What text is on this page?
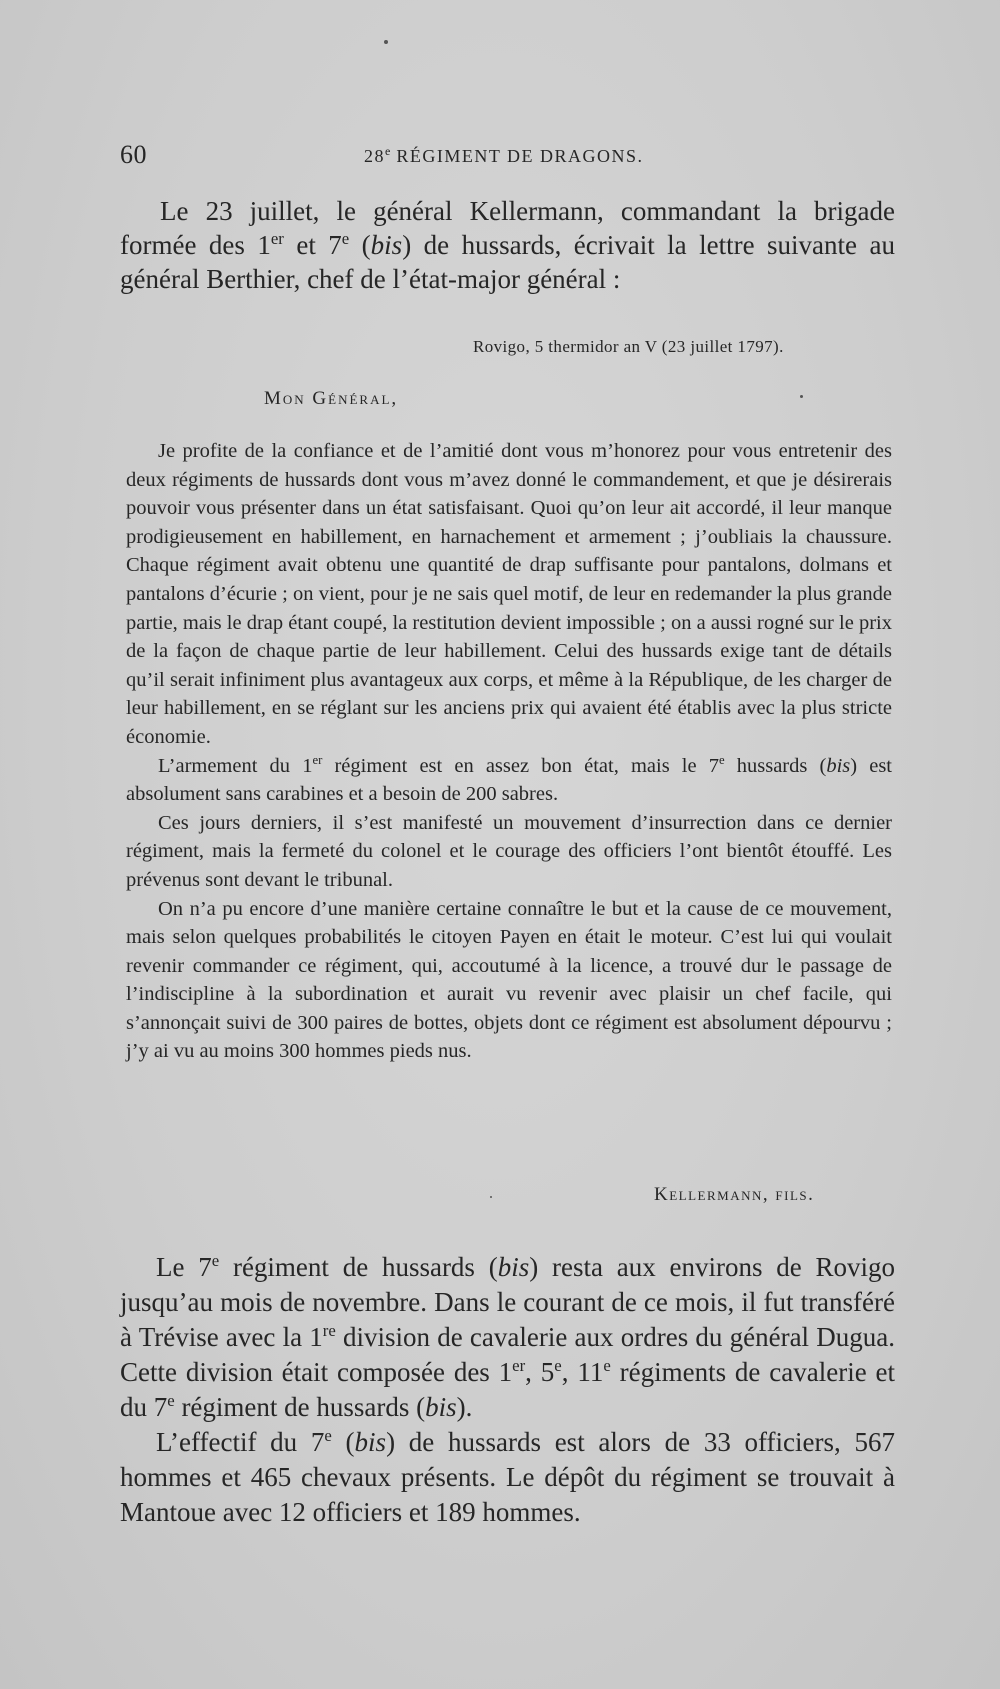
60	28e RÉGIMENT DE DRAGONS.

Le 23 juillet, le général Kellermann, commandant la brigade formée des 1er et 7e (bis) de hussards, écrivait la lettre suivante au général Berthier, chef de l’état-major général :

Rovigo, 5 thermidor an V (23 juillet 1797).
Mon Général,

Je profite de la confiance et de l’amitié dont vous m’honorez pour vous entretenir des deux régiments de hussards dont vous m’avez donné le commandement, et que je désirerais pouvoir vous présenter dans un état satisfaisant. Quoi qu’on leur ait accordé, il leur manque prodigieusement en habillement, en harnachement et armement ; j’oubliais la chaussure. Chaque régiment avait obtenu une quantité de drap suffisante pour pantalons, dolmans et pantalons d’écurie ; on vient, pour je ne sais quel motif, de leur en redemander la plus grande partie, mais le drap étant coupé, la restitution devient impossible ; on a aussi rogné sur le prix de la façon de chaque partie de leur habillement. Celui des hussards exige tant de détails qu’il serait infiniment plus avantageux aux corps, et même à la République, de les charger de leur habillement, en se réglant sur les anciens prix qui avaient été établis avec la plus stricte économie.

L’armement du 1er régiment est en assez bon état, mais le 7e hussards (bis) est absolument sans carabines et a besoin de 200 sabres.

Ces jours derniers, il s’est manifesté un mouvement d’insurrection dans ce dernier régiment, mais la fermeté du colonel et le courage des officiers l’ont bientôt étouffé. Les prévenus sont devant le tribunal.

On n’a pu encore d’une manière certaine connaître le but et la cause de ce mouvement, mais selon quelques probabilités le citoyen Payen en était le moteur. C’est lui qui voulait revenir commander ce régiment, qui, accoutumé à la licence, a trouvé dur le passage de l’indiscipline à la subordination et aurait vu revenir avec plaisir un chef facile, qui s’annonçait suivi de 300 paires de bottes, objets dont ce régiment est absolument dépourvu ; j’y ai vu au moins 300 hommes pieds nus.

Kellermann, fils.

Le 7e régiment de hussards (bis) resta aux environs de Rovigo jusqu’au mois de novembre. Dans le courant de ce mois, il fut transféré à Trévise avec la 1re division de cavalerie aux ordres du général Dugua. Cette division était composée des 1er, 5e, 11e régiments de cavalerie et du 7e régiment de hussards (bis).

L’effectif du 7e (bis) de hussards est alors de 33 officiers, 567 hommes et 465 chevaux présents. Le dépôt du régiment se trouvait à Mantoue avec 12 officiers et 189 hommes.
